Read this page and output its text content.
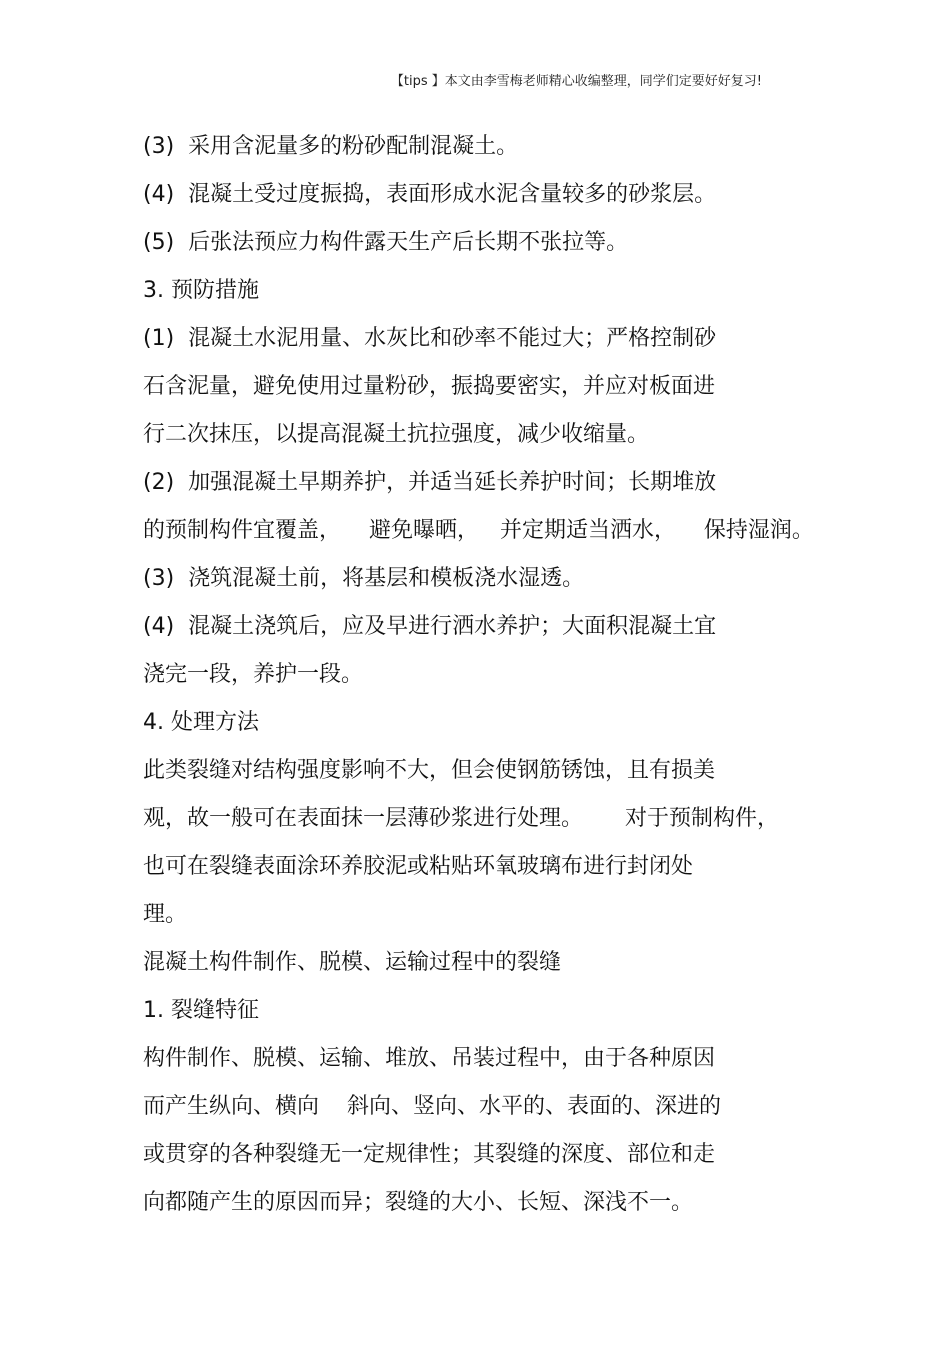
【tips 】本文由李雪梅老师精心收编整理，同学们定要好好复习!
(3)  采用含泥量多的粉砂配制混凝土。
(4)  混凝土受过度振捣，表面形成水泥含量较多的砂浆层。
(5)  后张法预应力构件露天生产后长期不张拉等。
3. 预防措施
(1)  混凝土水泥用量、水灰比和砂率不能过大；严格控制砂
石含泥量，避免使用过量粉砂，振捣要密实，并应对板面进
行二次抹压，以提高混凝土抗拉强度，减少收缩量。
(2)  加强混凝土早期养护，并适当延长养护时间；长期堆放
的预制构件宜覆盖，    避免曝晒，   并定期适当洒水，    保持湿润。
(3)  浇筑混凝土前，将基层和模板浇水湿透。
(4)  混凝土浇筑后，应及早进行洒水养护；大面积混凝土宜
浇完一段，养护一段。
4. 处理方法
此类裂缝对结构强度影响不大，但会使钢筋锈蚀，且有损美
观，故一般可在表面抹一层薄砂浆进行处理。      对于预制构件，
也可在裂缝表面涂环养胶泥或粘贴环氧玻璃布进行封闭处
理。
混凝土构件制作、脱模、运输过程中的裂缝
1. 裂缝特征
构件制作、脱模、运输、堆放、吊装过程中，由于各种原因
而产生纵向、横向    斜向、竖向、水平的、表面的、深进的
或贯穿的各种裂缝无一定规律性；其裂缝的深度、部位和走
向都随产生的原因而异；裂缝的大小、长短、深浅不一。
